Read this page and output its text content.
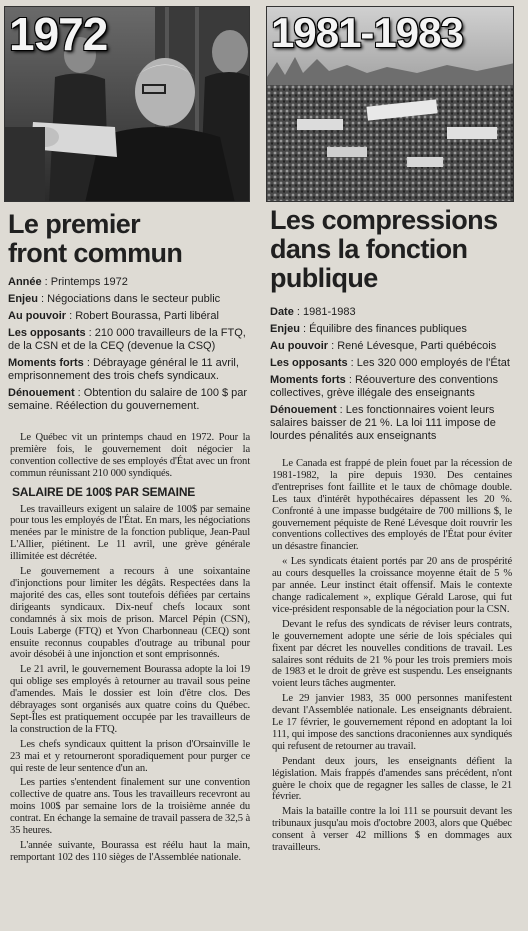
1972
Le premier
front commun
Année : Printemps 1972
Enjeu : Négociations dans le secteur public
Au pouvoir : Robert Bourassa, Parti libéral
Les opposants : 210 000 travailleurs de la FTQ, de la CSN et de la CEQ (devenue la CSQ)
Moments forts : Débrayage général le 11 avril, emprisonnement des trois chefs syndicaux.
Dénouement : Obtention du salaire de 100 $ par semaine. Réélection du gouvernement.

Le Québec vit un printemps chaud en 1972. Pour la première fois, le gouvernement doit négocier la convention collective de ses employés d'État avec un front commun réunissant 210 000 syndiqués.

SALAIRE DE 100$ PAR SEMAINE

Les travailleurs exigent un salaire de 100$ par semaine pour tous les employés de l'État. En mars, les négociations menées par le ministre de la fonction publique, Jean-Paul L'Allier, piétinent. Le 11 avril, une grève générale illimitée est décrétée.

Le gouvernement a recours à une soixantaine d'injonctions pour limiter les dégâts. Respectées dans la majorité des cas, elles sont toutefois défiées par certains dirigeants syndicaux. Dix-neuf chefs locaux sont condamnés à six mois de prison. Marcel Pépin (CSN), Louis Laberge (FTQ) et Yvon Charbonneau (CEQ) sont ensuite reconnus coupables d'outrage au tribunal pour avoir désobéi à une injonction et sont emprisonnés.

Le 21 avril, le gouvernement Bourassa adopte la loi 19 qui oblige ses employés à retourner au travail sous peine d'amendes. Mais le dossier est loin d'être clos. Des débrayages sont organisés aux quatre coins du Québec. Sept-Îles est pratiquement occupée par les travailleurs de la construction de la FTQ.

Les chefs syndicaux quittent la prison d'Orsainville le 23 mai et y retourneront sporadiquement pour purger ce qui reste de leur sentence d'un an.

Les parties s'entendent finalement sur une convention collective de quatre ans. Tous les travailleurs recevront au moins 100$ par semaine lors de la troisième année du contrat. En échange la semaine de travail passera de 32,5 à 35 heures.

L'année suivante, Bourassa est réélu haut la main, remportant 102 des 110 sièges de l'Assemblée nationale.

1981-1983
Les compressions
dans la fonction
publique
Date : 1981-1983
Enjeu : Équilibre des finances publiques
Au pouvoir : René Lévesque, Parti québécois
Les opposants : Les 320 000 employés de l'État
Moments forts : Réouverture des conventions collectives, grève illégale des enseignants
Dénouement : Les fonctionnaires voient leurs salaires baisser de 21 %. La loi 111 impose de lourdes pénalités aux enseignants

Le Canada est frappé de plein fouet par la récession de 1981-1982, la pire depuis 1930. Des centaines d'entreprises font faillite et le taux de chômage double. Les taux d'intérêt hypothécaires dépassent les 20 %. Confronté à une impasse budgétaire de 700 millions $, le gouvernement péquiste de René Lévesque doit rouvrir les conventions collectives des employés de l'État pour éviter un désastre financier.

« Les syndicats étaient portés par 20 ans de prospérité au cours desquelles la croissance moyenne était de 5 % par année. Leur instinct était offensif. Mais le contexte change radicalement », explique Gérald Larose, qui fut vice-président responsable de la négociation pour la CSN.

Devant le refus des syndicats de réviser leurs contrats, le gouvernement adopte une série de lois spéciales qui fixent par décret les nouvelles conditions de travail. Les salaires sont réduits de 21 % pour les trois premiers mois de 1983 et le droit de grève est suspendu. Les enseignants voient leurs tâches augmenter.

Le 29 janvier 1983, 35 000 personnes manifestent devant l'Assemblée nationale. Les enseignants débraient. Le 17 février, le gouvernement répond en adoptant la loi 111, qui impose des sanctions draconiennes aux syndiqués qui refusent de retourner au travail.

Pendant deux jours, les enseignants défient la législation. Mais frappés d'amendes sans précédent, n'ont guère le choix que de regagner les salles de classe, le 21 février.

Mais la bataille contre la loi 111 se poursuit devant les tribunaux jusqu'au mois d'octobre 2003, alors que Québec consent à verser 42 millions $ en dommages aux travailleurs.
